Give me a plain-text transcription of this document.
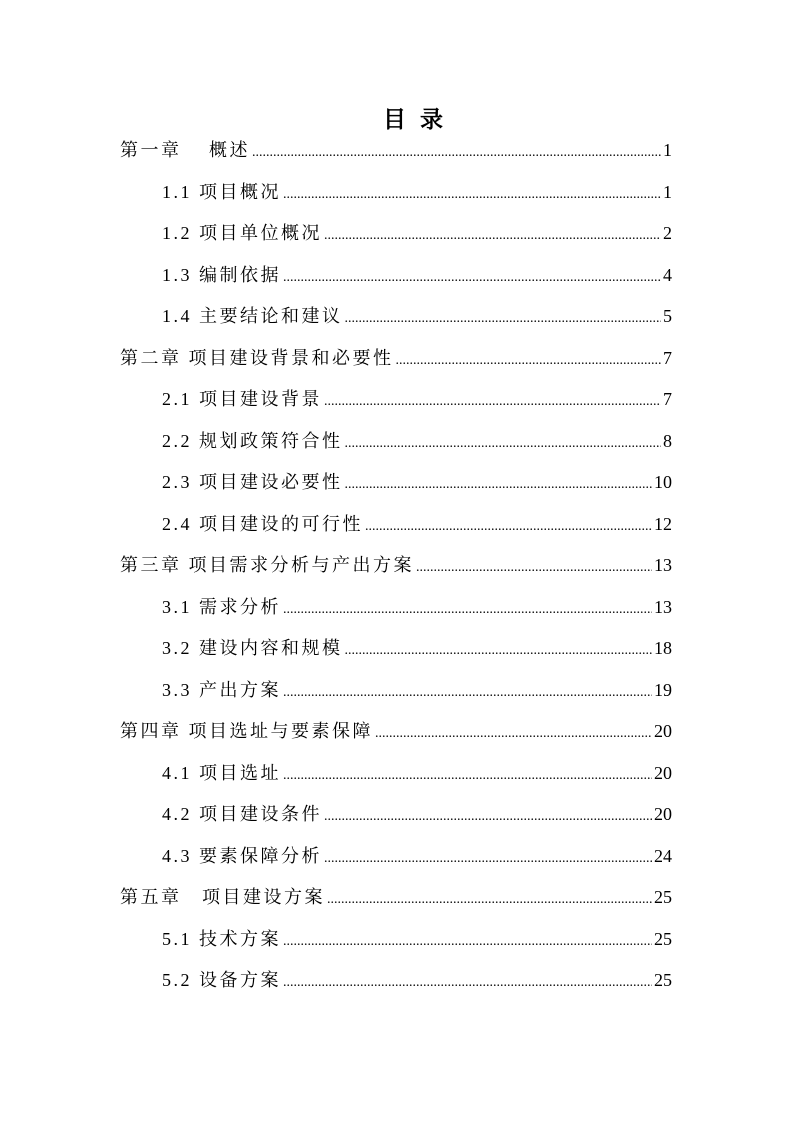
目录
第一章　 概述 .....	1
1.1 项目概况 .....	1
1.2 项目单位概况 .....	2
1.3 编制依据 .....	4
1.4 主要结论和建议 .....	5
第二章 项目建设背景和必要性 .....	7
2.1 项目建设背景 .....	7
2.2 规划政策符合性 .....	8
2.3 项目建设必要性 .....	10
2.4 项目建设的可行性 .....	12
第三章 项目需求分析与产出方案 .....	13
3.1 需求分析 .....	13
3.2 建设内容和规模 .....	18
3.3 产出方案 .....	19
第四章 项目选址与要素保障 .....	20
4.1 项目选址 .....	20
4.2 项目建设条件 .....	20
4.3 要素保障分析 .....	24
第五章　项目建设方案 .....	25
5.1 技术方案 .....	25
5.2 设备方案 .....	25
